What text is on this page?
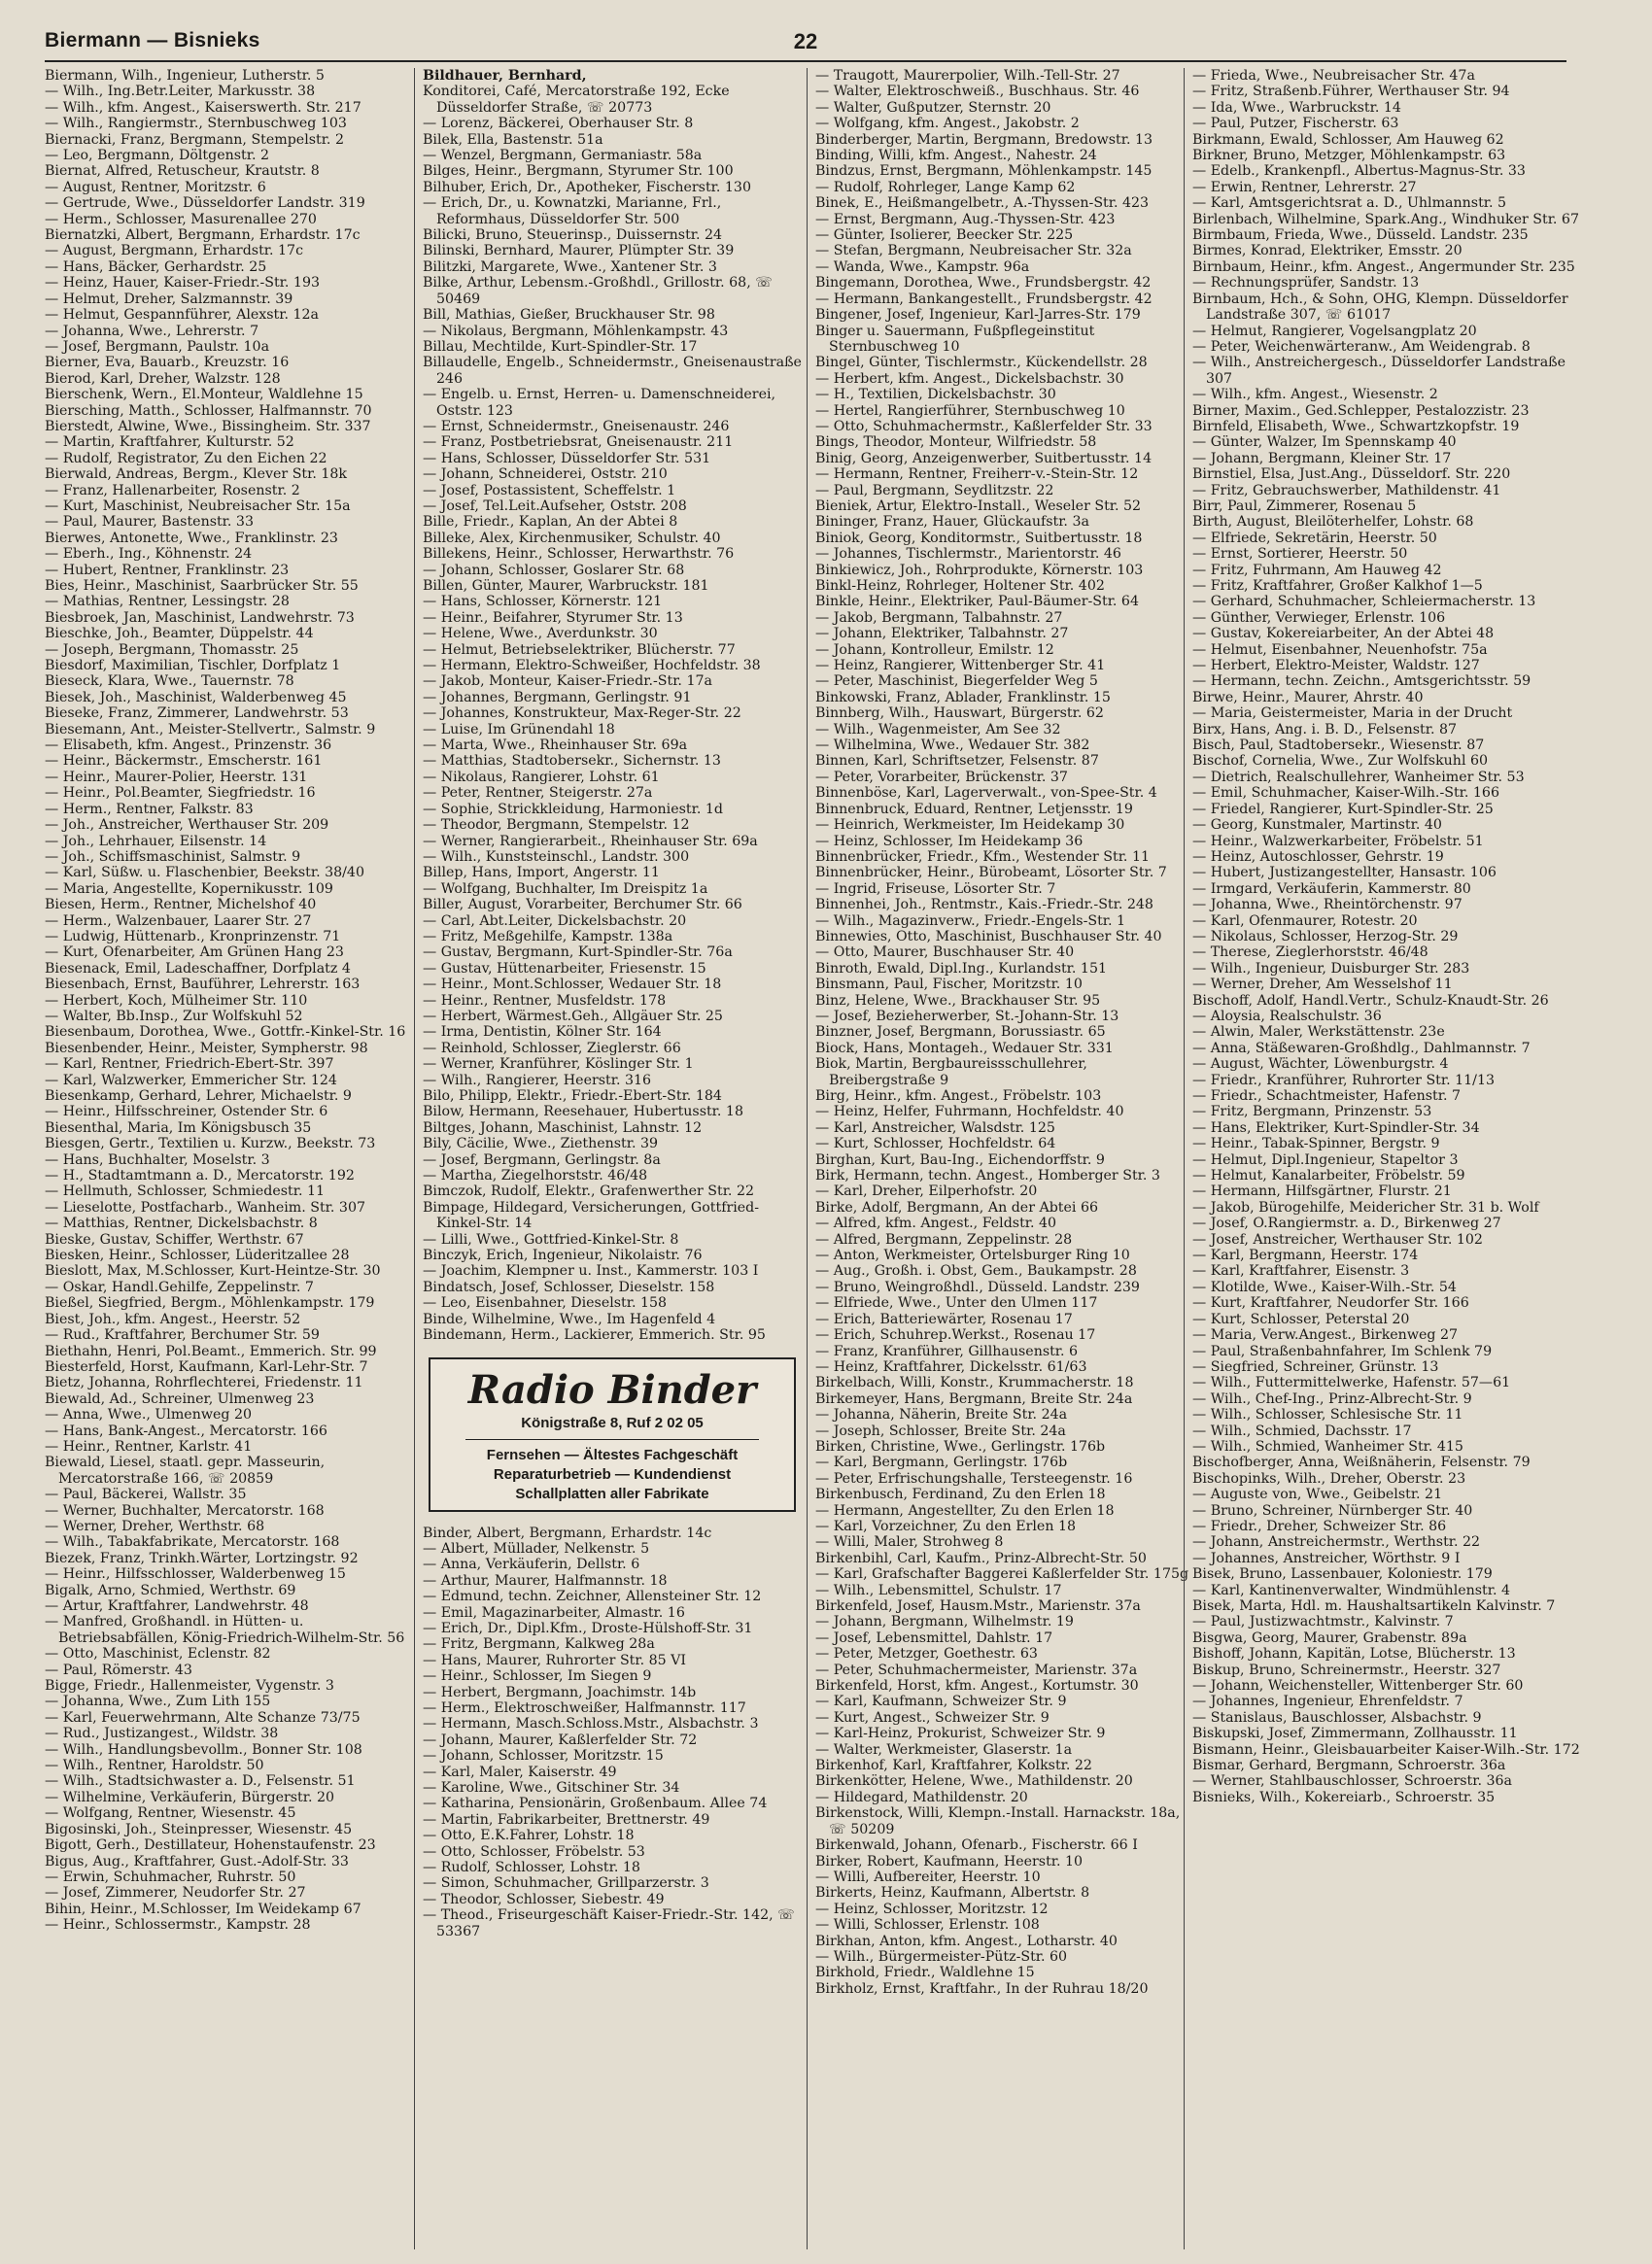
Biermann — Bisnieks	22
Biermann, Wilh., Ingenieur, Lutherstr. 5
— Wilh., Ing.Betr.Leiter, Markusstr. 38
— Wilh., kfm. Angest., Kaiserswerth. Str. 217
— Wilh., Rangiermstr., Sternbuschweg 103
Biernacki, Franz, Bergmann, Stempelstr. 2
— Leo, Bergmann, Döltgenstr. 2
Biernat, Alfred, Retuscheur, Krautstr. 8
— August, Rentner, Moritzstr. 6
— Gertrude, Wwe., Düsseldorfer Landstr. 319
— Herm., Schlosser, Masurenallee 270
Biernatzki, Albert, Bergmann, Erhardstr. 17c
— August, Bergmann, Erhardstr. 17c
— Hans, Bäcker, Gerhardstr. 25
— Heinz, Hauer, Kaiser-Friedr.-Str. 193
— Helmut, Dreher, Salzmannstr. 39
— Helmut, Gespannführer, Alexstr. 12a
— Johanna, Wwe., Lehrerstr. 7
— Josef, Bergmann, Paulstr. 10a
Bierner, Eva, Bauarb., Kreuzstr. 16
Bierod, Karl, Dreher, Walzstr. 128
Bierschenk, Wern., El.Monteur, Waldlehne 15
Biersching, Matth., Schlosser, Halfmannstr. 70
Bierstedt, Alwine, Wwe., Bissingheim. Str. 337
— Martin, Kraftfahrer, Kulturstr. 52
— Rudolf, Registrator, Zu den Eichen 22
Bierwald, Andreas, Bergm., Klever Str. 18k
— Franz, Hallenarbeiter, Rosenstr. 2
— Kurt, Maschinist, Neubreisacher Str. 15a
— Paul, Maurer, Bastenstr. 33
Bierwes, Antonette, Wwe., Franklinstr. 23
— Eberh., Ing., Köhnenstr. 24
— Hubert, Rentner, Franklinstr. 23
Bies, Heinr., Maschinist, Saarbrücker Str. 55
— Mathias, Rentner, Lessingstr. 28
Biesbroek, Jan, Maschinist, Landwehrstr. 73
Bieschke, Joh., Beamter, Düppelstr. 44
— Joseph, Bergmann, Thomasstr. 25
Biesdorf, Maximilian, Tischler, Dorfplatz 1
Bieseck, Klara, Wwe., Tauernstr. 78
Biesek, Joh., Maschinist, Walderbenweg 45
Bieseke, Franz, Zimmerer, Landwehrstr. 53
Biesemann, Ant., Meister-Stellvertr., Salmstr. 9
— Elisabeth, kfm. Angest., Prinzenstr. 36
— Heinr., Bäckermstr., Emscherstr. 161
— Heinr., Maurer-Polier, Heerstr. 131
— Heinr., Pol.Beamter, Siegfriedstr. 16
— Herm., Rentner, Falkstr. 83
— Joh., Anstreicher, Werthauser Str. 209
— Joh., Lehrhauer, Eilsenstr. 14
— Joh., Schiffsmaschinist, Salmstr. 9
— Karl, Süßw. u. Flaschenbier, Beekstr. 38/40
— Maria, Angestellte, Kopernikusstr. 109
Biesen, Herm., Rentner, Michelshof 40
— Herm., Walzenbauer, Laarer Str. 27
— Ludwig, Hüttenarb., Kronprinzenstr. 71
— Kurt, Ofenarbeiter, Am Grünen Hang 23
Biesenack, Emil, Ladeschaffner, Dorfplatz 4
Biesenbach, Ernst, Bauführer, Lehrerstr. 163
— Herbert, Koch, Mülheimer Str. 110
— Walter, Bb.Insp., Zur Wolfskuhl 52
Biesenbaum, Dorothea, Wwe., Gottfr.-Kinkel-Str. 16
Biesenbender, Heinr., Meister, Sympherstr. 98
— Karl, Rentner, Friedrich-Ebert-Str. 397
— Karl, Walzwerker, Emmericher Str. 124
Biesenkamp, Gerhard, Lehrer, Michaelstr. 9
— Heinr., Hilfsschreiner, Ostender Str. 6
Biesenthal, Maria, Im Königsbusch 35
Biesgen, Gertr., Textilien u. Kurzw., Beekstr. 73
— Hans, Buchhalter, Moselstr. 3
— H., Stadtamtmann a. D., Mercatorstr. 192
— Hellmuth, Schlosser, Schmiedestr. 11
— Lieselotte, Postfacharb., Wanheim. Str. 307
— Matthias, Rentner, Dickelsbachstr. 8
Bieske, Gustav, Schiffer, Werthstr. 67
Biesken, Heinr., Schlosser, Lüderitzallee 28
Bieslott, Max, M.Schlosser, Kurt-Heintze-Str. 30
— Oskar, Handl.Gehilfe, Zeppelinstr. 7
Bießel, Siegfried, Bergm., Möhlenkampstr. 179
Biest, Joh., kfm. Angest., Heerstr. 52
— Rud., Kraftfahrer, Berchumer Str. 59
Biethahn, Henri, Pol.Beamt., Emmerich. Str. 99
Biesterfeld, Horst, Kaufmann, Karl-Lehr-Str. 7
Bietz, Johanna, Rohrflechterei, Friedenstr. 11
Biewald, Ad., Schreiner, Ulmenweg 23
— Anna, Wwe., Ulmenweg 20
— Hans, Bank-Angest., Mercatorstr. 166
— Heinr., Rentner, Karlstr. 41
Biewald, Liesel, staatl. gepr. Masseurin, Mercatorstraße 166, ☏ 20859
— Paul, Bäckerei, Wallstr. 35
— Werner, Buchhalter, Mercatorstr. 168
— Werner, Dreher, Werthstr. 68
— Wilh., Tabakfabrikate, Mercatorstr. 168
Biezek, Franz, Trinkh.Wärter, Lortzingstr. 92
— Heinr., Hilfsschlosser, Walderbenweg 15
Bigalk, Arno, Schmied, Werthstr. 69
— Artur, Kraftfahrer, Landwehrstr. 48
— Manfred, Großhandl. in Hütten- u. Betriebsabfällen, König-Friedrich-Wilhelm-Str. 56
— Otto, Maschinist, Eclenstr. 82
— Paul, Römerstr. 43
Bigge, Friedr., Hallenmeister, Vygenstr. 3
— Johanna, Wwe., Zum Lith 155
— Karl, Feuerwehrmann, Alte Schanze 73/75
— Rud., Justizangest., Wildstr. 38
— Wilh., Handlungsbevollm., Bonner Str. 108
— Wilh., Rentner, Haroldstr. 50
— Wilh., Stadtsichwaster a. D., Felsenstr. 51
— Wilhelmine, Verkäuferin, Bürgerstr. 20
— Wolfgang, Rentner, Wiesenstr. 45
Bigosinski, Joh., Steinpresser, Wiesenstr. 45
Bigott, Gerh., Destillateur, Hohenstaufenstr. 23
Bigus, Aug., Kraftfahrer, Gust.-Adolf-Str. 33
— Erwin, Schuhmacher, Ruhrstr. 50
— Josef, Zimmerer, Neudorfer Str. 27
Bihin, Heinr., M.Schlosser, Im Weidekamp 67
— Heinr., Schlossermstr., Kampstr. 28
Bildhauer, Bernhard,
Konditorei, Café, Mercatorstraße 192, Ecke Düsseldorfer Straße, ☏ 20773
— Lorenz, Bäckerei, Oberhauser Str. 8
Bilek, Ella, Bastenstr. 51a
— Wenzel, Bergmann, Germaniastr. 58a
Bilges, Heinr., Bergmann, Styrumer Str. 100
Bilhuber, Erich, Dr., Apotheker, Fischerstr. 130
— Erich, Dr., u. Kownatzki, Marianne, Frl., Reformhaus, Düsseldorfer Str. 500
Bilicki, Bruno, Steuerinsp., Duissernstr. 24
Bilinski, Bernhard, Maurer, Plümpter Str. 39
Bilitzki, Margarete, Wwe., Xantener Str. 3
Bilke, Arthur, Lebensm.-Großhdl., Grillostr. 68, ☏ 50469
Bill, Mathias, Gießer, Bruckhauser Str. 98
— Nikolaus, Bergmann, Möhlenkampstr. 43
Billau, Mechtilde, Kurt-Spindler-Str. 17
Billaudelle, Engelb., Schneidermstr., Gneisenaustraße 246
— Engelb. u. Ernst, Herren- u. Damenschneiderei, Oststr. 123
— Ernst, Schneidermstr., Gneisenaustr. 246
— Franz, Postbetriebsrat, Gneisenaustr. 211
— Hans, Schlosser, Düsseldorfer Str. 531
— Johann, Schneiderei, Oststr. 210
— Josef, Postassistent, Scheffelstr. 1
— Josef, Tel.Leit.Aufseher, Oststr. 208
Bille, Friedr., Kaplan, An der Abtei 8
Billeke, Alex, Kirchenmusiker, Schulstr. 40
Billekens, Heinr., Schlosser, Herwarthstr. 76
— Johann, Schlosser, Goslarer Str. 68
Billen, Günter, Maurer, Warbruckstr. 181
— Hans, Schlosser, Körnerstr. 121
— Heinr., Beifahrer, Styrumer Str. 13
— Helene, Wwe., Averdunkstr. 30
— Helmut, Betriebselektriker, Blücherstr. 77
— Hermann, Elektro-Schweißer, Hochfeldstr. 38
— Jakob, Monteur, Kaiser-Friedr.-Str. 17a
— Johannes, Bergmann, Gerlingstr. 91
— Johannes, Konstrukteur, Max-Reger-Str. 22
— Luise, Im Grünendahl 18
— Marta, Wwe., Rheinhauser Str. 69a
— Matthias, Stadtobersekr., Sichernstr. 13
— Nikolaus, Rangierer, Lohstr. 61
— Peter, Rentner, Steigerstr. 27a
— Sophie, Strickkleidung, Harmoniestr. 1d
— Theodor, Bergmann, Stempelstr. 12
— Werner, Rangierarbeit., Rheinhauser Str. 69a
— Wilh., Kunststeinschl., Landstr. 300
Billep, Hans, Import, Angerstr. 11
— Wolfgang, Buchhalter, Im Dreispitz 1a
Biller, August, Vorarbeiter, Berchumer Str. 66
— Carl, Abt.Leiter, Dickelsbachstr. 20
— Fritz, Meßgehilfe, Kampstr. 138a
— Gustav, Bergmann, Kurt-Spindler-Str. 76a
— Gustav, Hüttenarbeiter, Friesenstr. 15
— Heinr., Mont.Schlosser, Wedauer Str. 18
— Heinr., Rentner, Musfeldstr. 178
— Herbert, Wärmest.Geh., Allgäuer Str. 25
— Irma, Dentistin, Kölner Str. 164
— Reinhold, Schlosser, Zieglerstr. 66
— Werner, Kranführer, Köslinger Str. 1
— Wilh., Rangierer, Heerstr. 316
Bilo, Philipp, Elektr., Friedr.-Ebert-Str. 184
Bilow, Hermann, Reesehauer, Hubertusstr. 18
Biltges, Johann, Maschinist, Lahnstr. 12
Bily, Cäcilie, Wwe., Ziethenstr. 39
— Josef, Bergmann, Gerlingstr. 8a
— Martha, Ziegelhorststr. 46/48
Bimczok, Rudolf, Elektr., Grafenwerther Str. 22
Bimpage, Hildegard, Versicherungen, Gottfried-Kinkel-Str. 14
— Lilli, Wwe., Gottfried-Kinkel-Str. 8
Binczyk, Erich, Ingenieur, Nikolaistr. 76
— Joachim, Klempner u. Inst., Kammerstr. 103 I
Bindatsch, Josef, Schlosser, Dieselstr. 158
— Leo, Eisenbahner, Dieselstr. 158
Binde, Wilhelmine, Wwe., Im Hagenfeld 4
Bindemann, Herm., Lackierer, Emmerich. Str. 95
Radio Binder
Königstraße 8, Ruf 2 02 05
Fernsehen — Ältestes Fachgeschäft
Reparaturbetrieb — Kundendienst
Schallplatten aller Fabrikate
Binder, Albert, Bergmann, Erhardstr. 14c
— Albert, Müllader, Nelkenstr. 5
— Anna, Verkäuferin, Dellstr. 6
— Arthur, Maurer, Halfmannstr. 18
— Edmund, techn. Zeichner, Allensteiner Str. 12
— Emil, Magazinarbeiter, Almastr. 16
— Erich, Dr., Dipl.Kfm., Droste-Hülshoff-Str. 31
— Fritz, Bergmann, Kalkweg 28a
— Hans, Maurer, Ruhrorter Str. 85 VI
— Heinr., Schlosser, Im Siegen 9
— Herbert, Bergmann, Joachimstr. 14b
— Herm., Elektroschweißer, Halfmannstr. 117
— Hermann, Masch.Schloss.Mstr., Alsbachstr. 3
— Johann, Maurer, Kaßlerfelder Str. 72
— Johann, Schlosser, Moritzstr. 15
— Karl, Maler, Kaiserstr. 49
— Karoline, Wwe., Gitschiner Str. 34
— Katharina, Pensionärin, Großenbaum. Allee 74
— Martin, Fabrikarbeiter, Brettnerstr. 49
— Otto, E.K.Fahrer, Lohstr. 18
— Otto, Schlosser, Fröbelstr. 53
— Rudolf, Schlosser, Lohstr. 18
— Simon, Schuhmacher, Grillparzerstr. 3
— Theodor, Schlosser, Siebestr. 49
— Theod., Friseurgeschäft Kaiser-Friedr.-Str. 142, ☏ 53367
— Traugott, Maurerpolier, Wilh.-Tell-Str. 27
— Walter, Elektroschweiß., Buschhaus. Str. 46
— Walter, Gußputzer, Sternstr. 20
— Wolfgang, kfm. Angest., Jakobstr. 2
Binderberger, Martin, Bergmann, Bredowstr. 13
Binding, Willi, kfm. Angest., Nahestr. 24
Bindzus, Ernst, Bergmann, Möhlenkampstr. 145
— Rudolf, Rohrleger, Lange Kamp 62
Binek, E., Heißmangelbetr., A.-Thyssen-Str. 423
— Ernst, Bergmann, Aug.-Thyssen-Str. 423
— Günter, Isolierer, Beecker Str. 225
— Stefan, Bergmann, Neubreisacher Str. 32a
— Wanda, Wwe., Kampstr. 96a
Bingemann, Dorothea, Wwe., Frundsbergstr. 42
— Hermann, Bankangestellt., Frundsbergstr. 42
Bingener, Josef, Ingenieur, Karl-Jarres-Str. 179
Binger u. Sauermann, Fußpflegeinstitut Sternbuschweg 10
Bingel, Günter, Tischlermstr., Kückendellstr. 28
— Herbert, kfm. Angest., Dickelsbachstr. 30
— H., Textilien, Dickelsbachstr. 30
— Hertel, Rangierführer, Sternbuschweg 10
— Otto, Schuhmachermstr., Kaßlerfelder Str. 33
Bings, Theodor, Monteur, Wilfriedstr. 58
Binig, Georg, Anzeigenwerber, Suitbertusstr. 14
— Hermann, Rentner, Freiherr-v.-Stein-Str. 12
— Paul, Bergmann, Seydlitzstr. 22
Bieniek, Artur, Elektro-Install., Weseler Str. 52
Bininger, Franz, Hauer, Glückaufstr. 3a
Biniok, Georg, Konditormstr., Suitbertusstr. 18
— Johannes, Tischlermstr., Marientorstr. 46
Binkiewicz, Joh., Rohrprodukte, Körnerstr. 103
Binkl-Heinz, Rohrleger, Holtener Str. 402
Binkle, Heinr., Elektriker, Paul-Bäumer-Str. 64
— Jakob, Bergmann, Talbahnstr. 27
— Johann, Elektriker, Talbahnstr. 27
— Johann, Kontrolleur, Emilstr. 12
— Heinz, Rangierer, Wittenberger Str. 41
— Peter, Maschinist, Biegerfelder Weg 5
Binkowski, Franz, Ablader, Franklinstr. 15
Binnberg, Wilh., Hauswart, Bürgerstr. 62
— Wilh., Wagenmeister, Am See 32
— Wilhelmina, Wwe., Wedauer Str. 382
Binnen, Karl, Schriftsetzer, Felsenstr. 87
— Peter, Vorarbeiter, Brückenstr. 37
Binnenböse, Karl, Lagerverwalt., von-Spee-Str. 4
Binnenbruck, Eduard, Rentner, Letjensstr. 19
— Heinrich, Werkmeister, Im Heidekamp 30
— Heinz, Schlosser, Im Heidekamp 36
Binnenbrücker, Friedr., Kfm., Westender Str. 11
Binnenbrücker, Heinr., Bürobeamt, Lösorter Str. 7
— Ingrid, Friseuse, Lösorter Str. 7
Binnenhei, Joh., Rentmstr., Kais.-Friedr.-Str. 248
— Wilh., Magazinverw., Friedr.-Engels-Str. 1
Binnewies, Otto, Maschinist, Buschhauser Str. 40
— Otto, Maurer, Buschhauser Str. 40
Binroth, Ewald, Dipl.Ing., Kurlandstr. 151
Binsmann, Paul, Fischer, Moritzstr. 10
Binz, Helene, Wwe., Brackhauser Str. 95
— Josef, Bezieherwerber, St.-Johann-Str. 13
Binzner, Josef, Bergmann, Borussiastr. 65
Biock, Hans, Montageh., Wedauer Str. 331
Biok, Martin, Bergbaureissschullehrer, Breibergstraße 9
Birg, Heinr., kfm. Angest., Fröbelstr. 103
— Heinz, Helfer, Fuhrmann, Hochfeldstr. 40
— Karl, Anstreicher, Walsdstr. 125
— Kurt, Schlosser, Hochfeldstr. 64
Birghan, Kurt, Bau-Ing., Eichendorffstr. 9
Birk, Hermann, techn. Angest., Homberger Str. 3
— Karl, Dreher, Eilperhofstr. 20
Birke, Adolf, Bergmann, An der Abtei 66
— Alfred, kfm. Angest., Feldstr. 40
— Alfred, Bergmann, Zeppelinstr. 28
— Anton, Werkmeister, Ortelsburger Ring 10
— Aug., Großh. i. Obst, Gem., Baukampstr. 28
— Bruno, Weingroßhdl., Düsseld. Landstr. 239
— Elfriede, Wwe., Unter den Ulmen 117
— Erich, Batteriewärter, Rosenau 17
— Erich, Schuhrep.Werkst., Rosenau 17
— Franz, Kranführer, Gillhausenstr. 6
— Heinz, Kraftfahrer, Dickelsstr. 61/63
Birkelbach, Willi, Konstr., Krummacherstr. 18
Birkemeyer, Hans, Bergmann, Breite Str. 24a
— Johanna, Näherin, Breite Str. 24a
— Joseph, Schlosser, Breite Str. 24a
Birken, Christine, Wwe., Gerlingstr. 176b
— Karl, Bergmann, Gerlingstr. 176b
— Peter, Erfrischungshalle, Tersteegenstr. 16
Birkenbusch, Ferdinand, Zu den Erlen 18
— Hermann, Angestellter, Zu den Erlen 18
— Karl, Vorzeichner, Zu den Erlen 18
— Willi, Maler, Strohweg 8
Birkenbihl, Carl, Kaufm., Prinz-Albrecht-Str. 50
— Karl, Grafschafter Baggerei Kaßlerfelder Str. 175g
— Wilh., Lebensmittel, Schulstr. 17
Birkenfeld, Josef, Hausm.Mstr., Marienstr. 37a
— Johann, Bergmann, Wilhelmstr. 19
— Josef, Lebensmittel, Dahlstr. 17
— Peter, Metzger, Goethestr. 63
— Peter, Schuhmachermeister, Marienstr. 37a
Birkenfeld, Horst, kfm. Angest., Kortumstr. 30
— Karl, Kaufmann, Schweizer Str. 9
— Kurt, Angest., Schweizer Str. 9
— Karl-Heinz, Prokurist, Schweizer Str. 9
— Walter, Werkmeister, Glaserstr. 1a
Birkenhof, Karl, Kraftfahrer, Kolkstr. 22
Birkenkötter, Helene, Wwe., Mathildenstr. 20
— Hildegard, Mathildenstr. 20
Birkenstock, Willi, Klempn.-Install. Harnackstr. 18a, ☏ 50209
Birkenwald, Johann, Ofenarb., Fischerstr. 66 I
Birker, Robert, Kaufmann, Heerstr. 10
— Willi, Aufbereiter, Heerstr. 10
Birkerts, Heinz, Kaufmann, Albertstr. 8
— Heinz, Schlosser, Moritzstr. 12
— Willi, Schlosser, Erlenstr. 108
Birkhan, Anton, kfm. Angest., Lotharstr. 40
— Wilh., Bürgermeister-Pütz-Str. 60
Birkhold, Friedr., Waldlehne 15
Birkholz, Ernst, Kraftfahr., In der Ruhrau 18/20
— Frieda, Wwe., Neubreisacher Str. 47a
— Fritz, Straßenb.Führer, Werthauser Str. 94
— Ida, Wwe., Warbruckstr. 14
— Paul, Putzer, Fischerstr. 63
Birkmann, Ewald, Schlosser, Am Hauweg 62
Birkner, Bruno, Metzger, Möhlenkampstr. 63
— Edelb., Krankenpfl., Albertus-Magnus-Str. 33
— Erwin, Rentner, Lehrerstr. 27
— Karl, Amtsgerichtsrat a. D., Uhlmannstr. 5
Birlenbach, Wilhelmine, Spark.Ang., Windhuker Str. 67
Birmbaum, Frieda, Wwe., Düsseld. Landstr. 235
Birmes, Konrad, Elektriker, Emsstr. 20
Birnbaum, Heinr., kfm. Angest., Angermunder Str. 235
— Rechnungsprüfer, Sandstr. 13
Birnbaum, Hch., & Sohn, OHG, Klempn. Düsseldorfer Landstraße 307, ☏ 61017
— Helmut, Rangierer, Vogelsangplatz 20
— Peter, Weichenwärteranw., Am Weidengrab. 8
— Wilh., Anstreichergesch., Düsseldorfer Landstraße 307
— Wilh., kfm. Angest., Wiesenstr. 2
Birner, Maxim., Ged.Schlepper, Pestalozzistr. 23
Birnfeld, Elisabeth, Wwe., Schwartzkopfstr. 19
— Günter, Walzer, Im Spennskamp 40
— Johann, Bergmann, Kleiner Str. 17
Birnstiel, Elsa, Just.Ang., Düsseldorf. Str. 220
— Fritz, Gebrauchswerber, Mathildenstr. 41
Birr, Paul, Zimmerer, Rosenau 5
Birth, August, Bleilöterhelfer, Lohstr. 68
— Elfriede, Sekretärin, Heerstr. 50
— Ernst, Sortierer, Heerstr. 50
— Fritz, Fuhrmann, Am Hauweg 42
— Fritz, Kraftfahrer, Großer Kalkhof 1—5
— Gerhard, Schuhmacher, Schleiermacherstr. 13
— Günther, Verwieger, Erlenstr. 106
— Gustav, Kokereiarbeiter, An der Abtei 48
— Helmut, Eisenbahner, Neuenhofstr. 75a
— Herbert, Elektro-Meister, Waldstr. 127
— Hermann, techn. Zeichn., Amtsgerichtsstr. 59
Birwe, Heinr., Maurer, Ahrstr. 40
— Maria, Geistermeister, Maria in der Drucht
Birx, Hans, Ang. i. B. D., Felsenstr. 87
Bisch, Paul, Stadtobersekr., Wiesenstr. 87
Bischof, Cornelia, Wwe., Zur Wolfskuhl 60
— Dietrich, Realschullehrer, Wanheimer Str. 53
— Emil, Schuhmacher, Kaiser-Wilh.-Str. 166
— Friedel, Rangierer, Kurt-Spindler-Str. 25
— Georg, Kunstmaler, Martinstr. 40
— Heinr., Walzwerkarbeiter, Fröbelstr. 51
— Heinz, Autoschlosser, Gehrstr. 19
— Hubert, Justizangestellter, Hansastr. 106
— Irmgard, Verkäuferin, Kammerstr. 80
— Johanna, Wwe., Rheintörchenstr. 97
— Karl, Ofenmaurer, Rotestr. 20
— Nikolaus, Schlosser, Herzog-Str. 29
— Therese, Zieglerhorststr. 46/48
— Wilh., Ingenieur, Duisburger Str. 283
— Werner, Dreher, Am Wesselshof 11
Bischoff, Adolf, Handl.Vertr., Schulz-Knaudt-Str. 26
— Aloysia, Realschulstr. 36
— Alwin, Maler, Werkstättenstr. 23e
— Anna, Stäßewaren-Großhdlg., Dahlmannstr. 7
— August, Wächter, Löwenburgstr. 4
— Friedr., Kranführer, Ruhrorter Str. 11/13
— Friedr., Schachtmeister, Hafenstr. 7
— Fritz, Bergmann, Prinzenstr. 53
— Hans, Elektriker, Kurt-Spindler-Str. 34
— Heinr., Tabak-Spinner, Bergstr. 9
— Helmut, Dipl.Ingenieur, Stapeltor 3
— Helmut, Kanalarbeiter, Fröbelstr. 59
— Hermann, Hilfsgärtner, Flurstr. 21
— Jakob, Bürogehilfe, Meidericher Str. 31 b. Wolf
— Josef, O.Rangiermstr. a. D., Birkenweg 27
— Josef, Anstreicher, Werthauser Str. 102
— Karl, Bergmann, Heerstr. 174
— Karl, Kraftfahrer, Eisenstr. 3
— Klotilde, Wwe., Kaiser-Wilh.-Str. 54
— Kurt, Kraftfahrer, Neudorfer Str. 166
— Kurt, Schlosser, Peterstal 20
— Maria, Verw.Angest., Birkenweg 27
— Paul, Straßenbahnfahrer, Im Schlenk 79
— Siegfried, Schreiner, Grünstr. 13
— Wilh., Futtermittelwerke, Hafenstr. 57—61
— Wilh., Chef-Ing., Prinz-Albrecht-Str. 9
— Wilh., Schlosser, Schlesische Str. 11
— Wilh., Schmied, Dachsstr. 17
— Wilh., Schmied, Wanheimer Str. 415
Bischofberger, Anna, Weißnäherin, Felsenstr. 79
Bischopinks, Wilh., Dreher, Oberstr. 23
— Auguste von, Wwe., Geibelstr. 21
— Bruno, Schreiner, Nürnberger Str. 40
— Friedr., Dreher, Schweizer Str. 86
— Johann, Anstreichermstr., Werthstr. 22
— Johannes, Anstreicher, Wörthstr. 9 I
Bisek, Bruno, Lassenbauer, Koloniestr. 179
— Karl, Kantinenverwalter, Windmühlenstr. 4
Bisek, Marta, Hdl. m. Haushaltsartikeln Kalvinstr. 7
— Paul, Justizwachtmstr., Kalvinstr. 7
Bisgwa, Georg, Maurer, Grabenstr. 89a
Bishoff, Johann, Kapitän, Lotse, Blücherstr. 13
Biskup, Bruno, Schreinermstr., Heerstr. 327
— Johann, Weichensteller, Wittenberger Str. 60
— Johannes, Ingenieur, Ehrenfeldstr. 7
— Stanislaus, Bauschlosser, Alsbachstr. 9
Biskupski, Josef, Zimmermann, Zollhausstr. 11
Bismann, Heinr., Gleisbauarbeiter Kaiser-Wilh.-Str. 172
Bismar, Gerhard, Bergmann, Schroerstr. 36a
— Werner, Stahlbauschlosser, Schroerstr. 36a
Bisnieks, Wilh., Kokereiarb., Schroerstr. 35
